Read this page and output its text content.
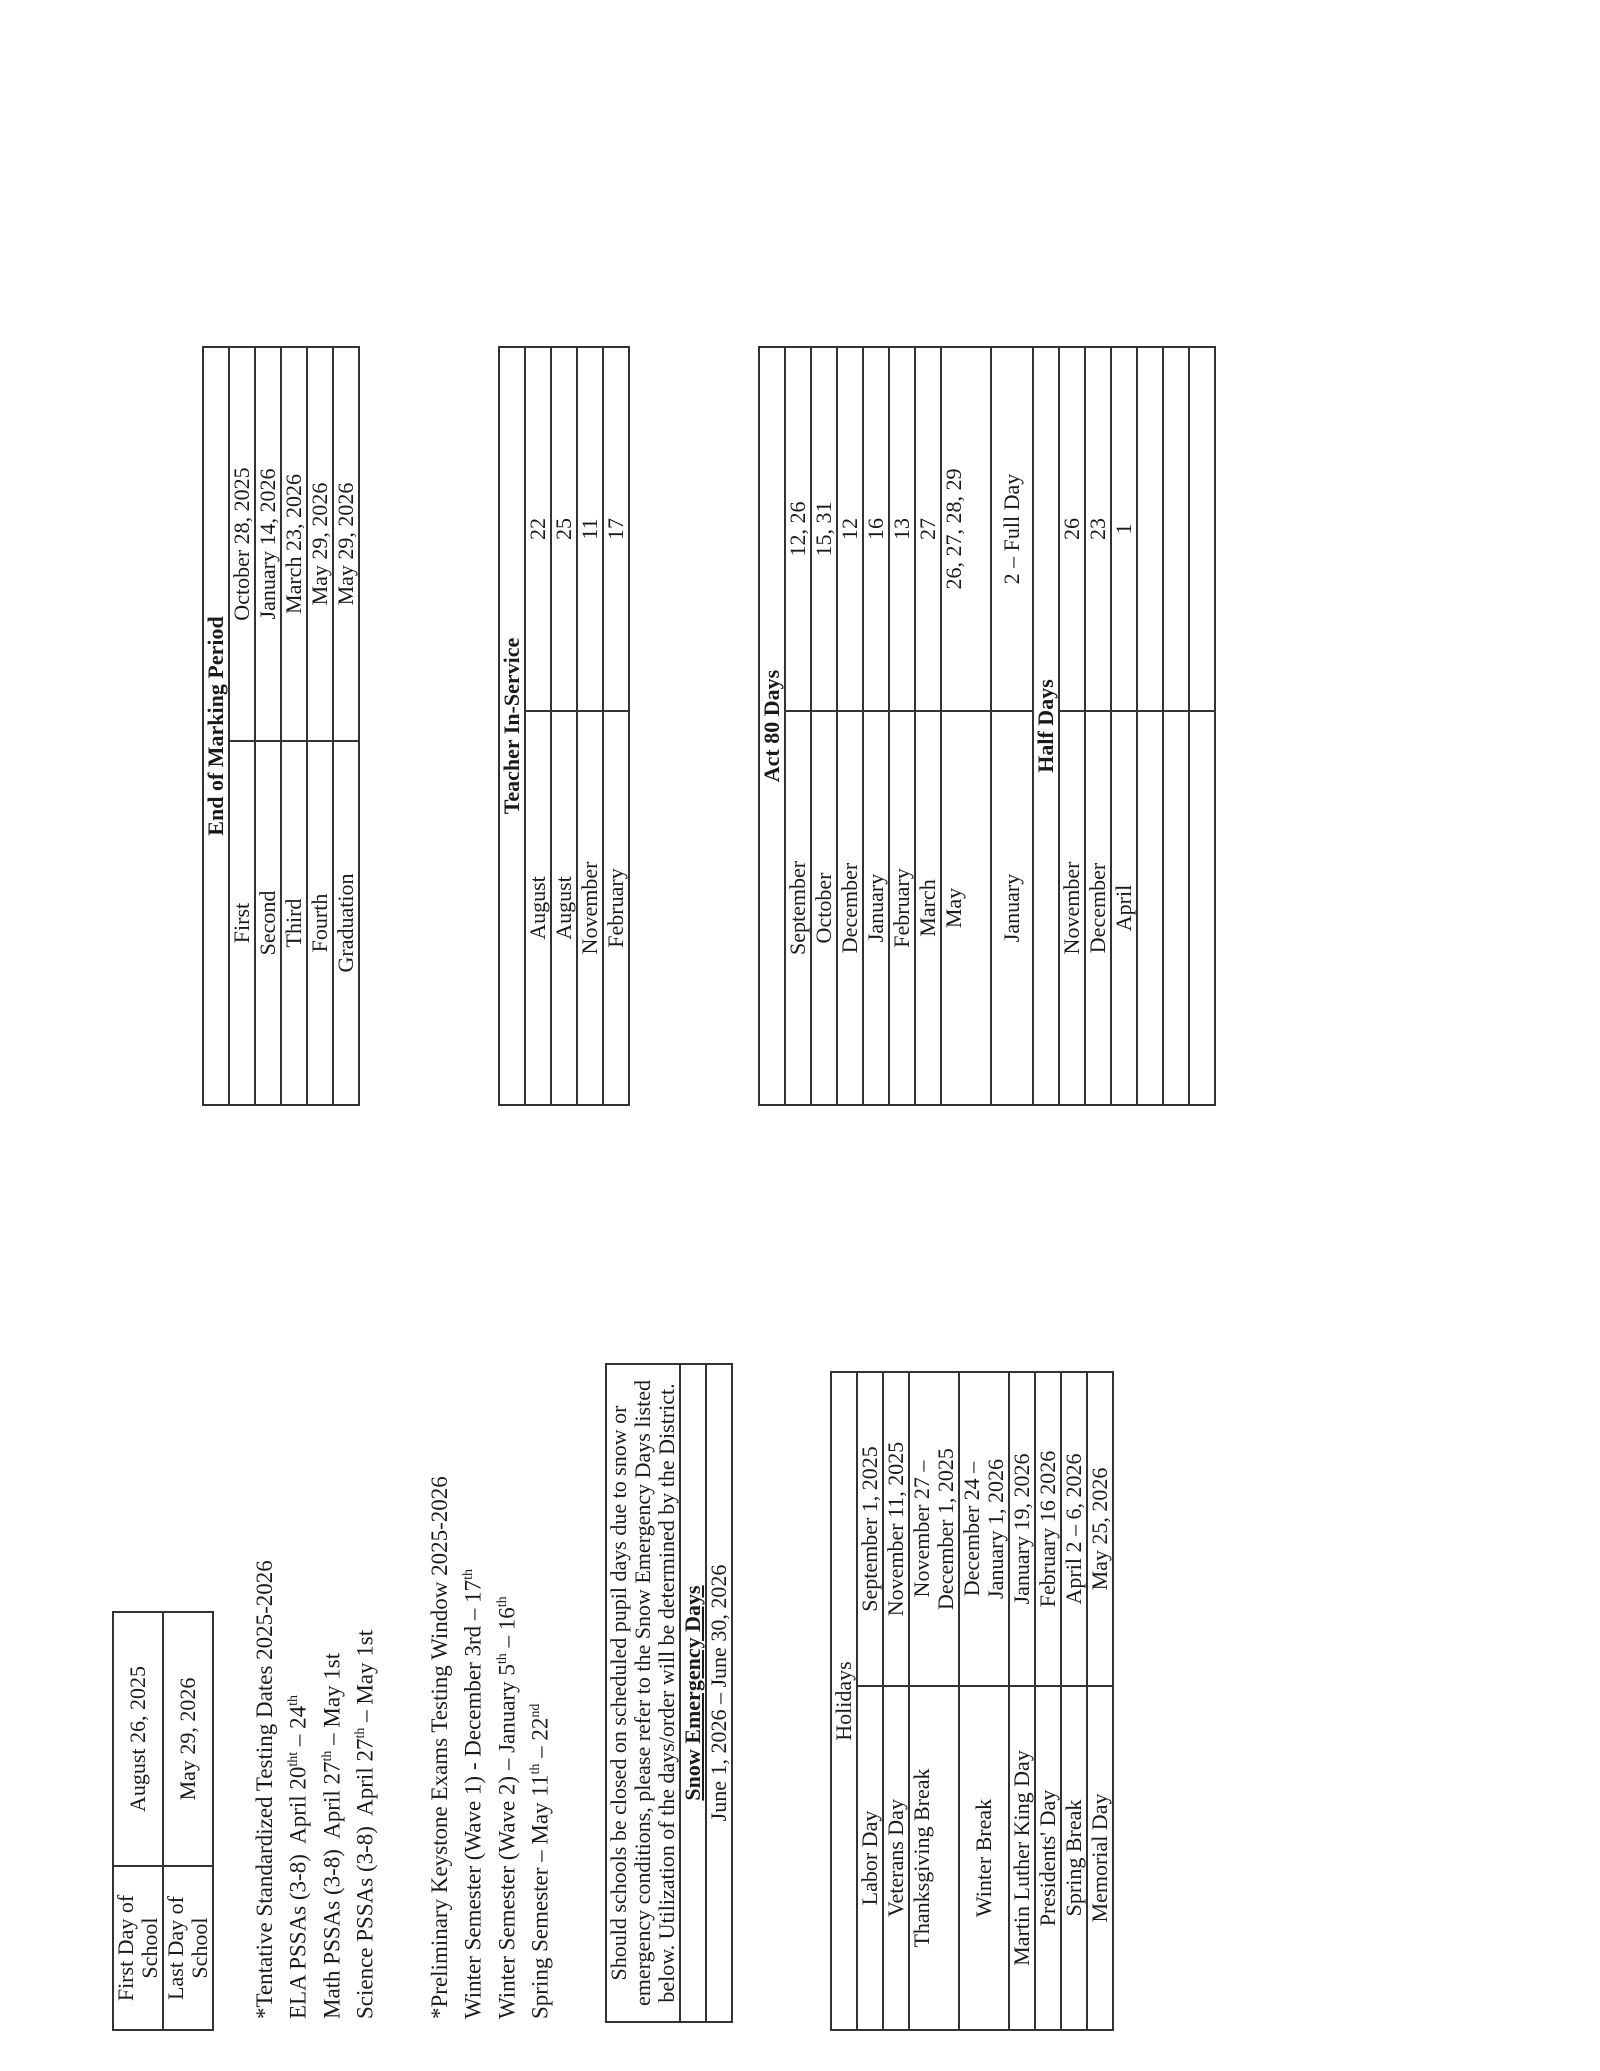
First Day of School	August 26, 2025

Last Day of School	May 29, 2026 *Tentative Standardized Testing Dates 2025-2026 ELA PSSAs (3-8)  April $20^{tht} - 24th$
Math PSSAs (3-8)  April 27th – May 1st
Science PSSAs (3-8)  April 27th – May 1st *Preliminary Keystone Exams Testing Window 2025-2026 Winter Semester (Wave 1) - December 3rd – 17th
Winter Semester (Wave 2) – January 5th – 16th
Spring Semester – May 11th – 22nd	Should schools be closed on scheduled pupil days due to snow or emergency conditions, please refer to the Snow Emergency Days listed below. Utilization of the days/order will be determined by the District.

Snow Emergency Days
June 1, 2026 – June 30, 2026	Holidays	
Labor Day	September 1, 2025
Veterans Day	November 11, 2025
Thanksgiving Break	November 27 – December 1, 2025

Winter Break	December 24 – January 1, 2026

Martin Luther King Day	January 19, 2026
Presidents' Day	February 16 2026
Spring Break	April 2 – 6, 2026
Memorial Day	May 25, 2026
End of Marking Period	
First	October 28, 2025
Second	January 14, 2026
Third	March 23, 2026
Fourth	May 29, 2026
Graduation	May 29, 2026
Teacher In-Service	
August	22
August	25
November	11
February	17
Act 80 Days	
September	12, 26
October	15, 31
December	12
January	16
February	13
March	27
May	26, 27, 28, 29
January	2 – Full Day
Half Days	
November	26
December	23
April	1
